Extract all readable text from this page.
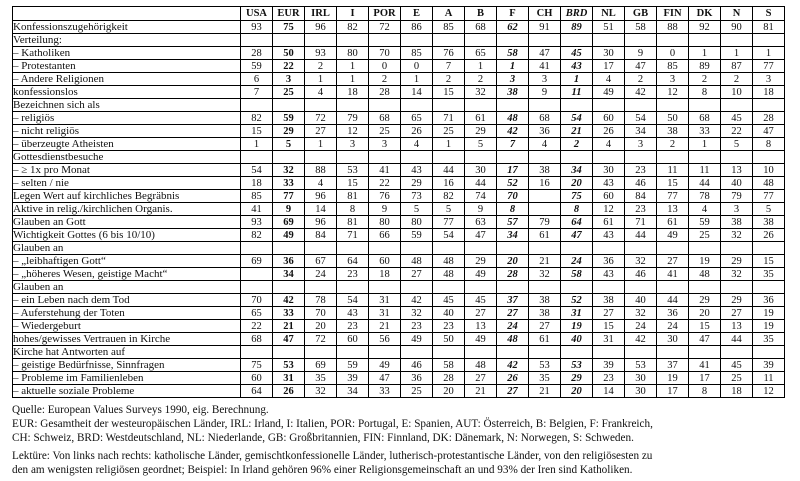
	USA	EUR	IRL	I	POR	E	A	B	F	CH	BRD	NL	GB	FIN	DK	N	S
Konfessionszugehörigkeit	93	75	96	82	72	86	85	68	62	91	89	51	58	88	92	90	81
Verteilung:																	
– Katholiken	28	50	93	80	70	85	76	65	58	47	45	30	9	0	1	1	1
– Protestanten	59	22	2	1	0	0	7	1	1	41	43	17	47	85	89	87	77
– Andere Religionen	6	3	1	1	2	1	2	2	3	3	1	4	2	3	2	2	3
konfessionslos	7	25	4	18	28	14	15	32	38	9	11	49	42	12	8	10	18
Bezeichnen sich als																	
– religiös	82	59	72	79	68	65	71	61	48	68	54	60	54	50	68	45	28
– nicht religiös	15	29	27	12	25	26	25	29	42	36	21	26	34	38	33	22	47
– überzeugte Atheisten	1	5	1	3	3	4	1	5	7	4	2	4	3	2	1	5	8
Gottesdienstbesuche																	
– ≥ 1x pro Monat	54	32	88	53	41	43	44	30	17	38	34	30	23	11	11	13	10
– selten / nie	18	33	4	15	22	29	16	44	52	16	20	43	46	15	44	40	48
Legen Wert auf kirchliches Begräbnis	85	77	96	81	76	73	82	74	70		75	60	84	77	78	79	77
Aktive in relig./kirchlichen Organis.	41	9	14	8	9	5	5	9	8		8	12	23	13	4	3	5
Glauben an Gott	93	69	96	81	80	80	77	63	57	79	64	61	71	61	59	38	38
Wichtigkeit Gottes (6 bis 10/10)	82	49	84	71	66	59	54	47	34	61	47	43	44	49	25	32	26
Glauben an																	
– „leibhaftigen Gott“	69	36	67	64	60	48	48	29	20	21	24	36	32	27	19	29	15
– „höheres Wesen, geistige Macht“		34	24	23	18	27	48	49	28	32	58	43	46	41	48	32	35
Glauben an																	
– ein Leben nach dem Tod	70	42	78	54	31	42	45	45	37	38	52	38	40	44	29	29	36
– Auferstehung der Toten	65	33	70	43	31	32	40	27	27	38	31	27	32	36	20	27	19
– Wiedergeburt	22	21	20	23	21	23	23	13	24	27	19	15	24	24	15	13	19
hohes/gewisses Vertrauen in Kirche	68	47	72	60	56	49	50	49	48	61	40	31	42	30	47	44	35
Kirche hat Antworten auf																	
– geistige Bedürfnisse, Sinnfragen	75	53	69	59	49	46	58	48	42	53	53	39	53	37	41	45	39
– Probleme im Familienleben	60	31	35	39	47	36	28	27	26	35	29	23	30	19	17	25	11
– aktuelle soziale Probleme	64	26	32	34	33	25	20	21	27	21	20	14	30	17	8	18	12

Quelle: European Values Surveys 1990, eig. Berechnung.

EUR: Gesamtheit der westeuropäischen Länder, IRL: Irland, I: Italien, POR: Portugal, E: Spanien, AUT: Österreich, B: Belgien, F: Frankreich,

CH: Schweiz, BRD: Westdeutschland, NL: Niederlande, GB: Großbritannien, FIN: Finnland, DK: Dänemark, N: Norwegen, S: Schweden.

Lektüre: Von links nach rechts: katholische Länder, gemischtkonfessionelle Länder, lutherisch-protestantische Länder, von den religiösesten zu

den am wenigsten religiösen geordnet; Beispiel: In Irland gehören 96% einer Religionsgemeinschaft an und 93% der Iren sind Katholiken.
